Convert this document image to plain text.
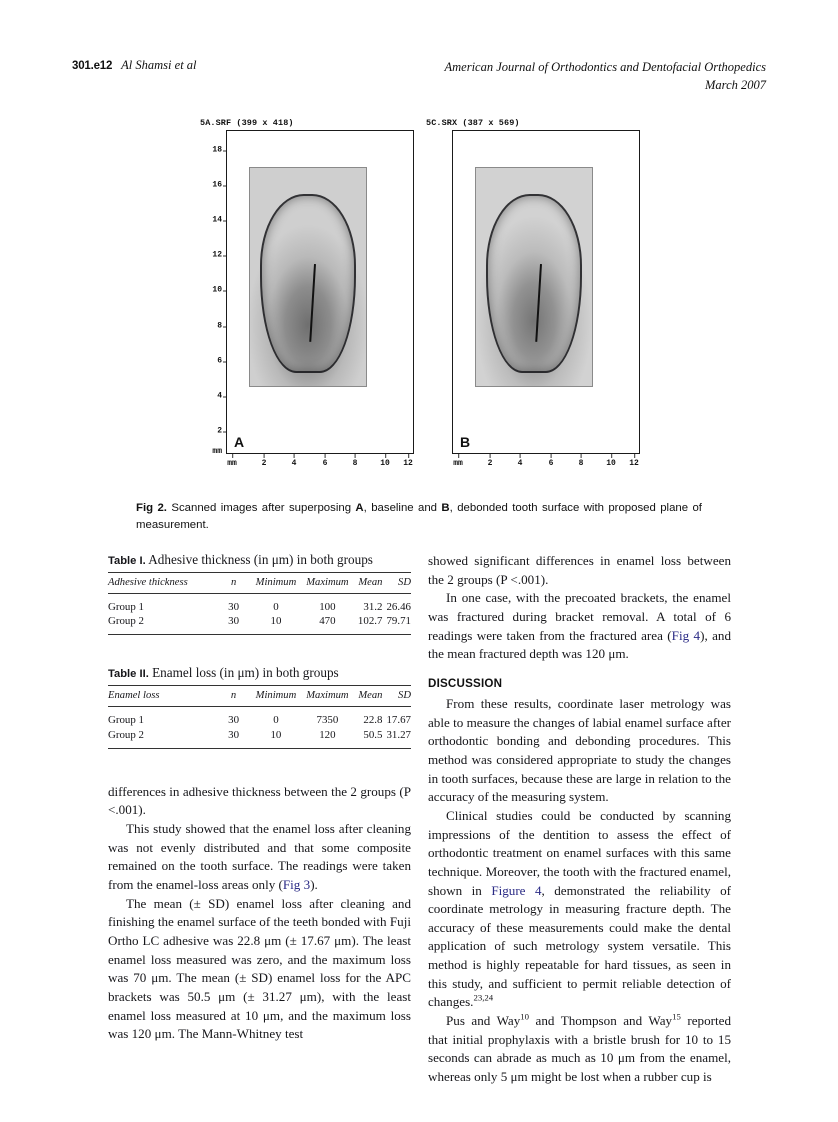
301.e12 Al Shamsi et al	American Journal of Orthodontics and Dentofacial Orthopedics
March 2007
5A.SRF (399 x 418)
18
16
14
12
10
8
6
4
2
mm
A
mm	2	4	6	8	10 12
5C.SRX (387 x 569)
B
mm	2	4	6	8	10 12
Fig 2. Scanned images after superposing A, baseline and B, debonded tooth surface with proposed plane of measurement.
Table I. Adhesive thickness (in μm) in both groups
Adhesive thickness	n	Minimum	Maximum	Mean	SD
Group 1	30	0	100	31.2	26.46
Group 2	30	10	470	102.7	79.71
Table II. Enamel loss (in μm) in both groups
Enamel loss	n	Minimum	Maximum	Mean	SD
Group 1	30	0	7350	22.8	17.67
Group 2	30	10	120	50.5	31.27

differences in adhesive thickness between the 2 groups (P <.001).

This study showed that the enamel loss after cleaning was not evenly distributed and that some composite remained on the tooth surface. The readings were taken from the enamel-loss areas only (Fig 3).

The mean (± SD) enamel loss after cleaning and finishing the enamel surface of the teeth bonded with Fuji Ortho LC adhesive was 22.8 μm (± 17.67 μm). The least enamel loss measured was zero, and the maximum loss was 70 μm. The mean (± SD) enamel loss for the APC brackets was 50.5 μm (± 31.27 μm), with the least enamel loss measured at 10 μm, and the maximum loss was 120 μm. The Mann-Whitney test

showed significant differences in enamel loss between the 2 groups (P <.001).

In one case, with the precoated brackets, the enamel was fractured during bracket removal. A total of 6 readings were taken from the fractured area (Fig 4), and the mean fractured depth was 120 μm.

DISCUSSION

From these results, coordinate laser metrology was able to measure the changes of labial enamel surface after orthodontic bonding and debonding procedures. This method was considered appropriate to study the changes in tooth surfaces, because these are large in relation to the accuracy of the measuring system.

Clinical studies could be conducted by scanning impressions of the dentition to assess the effect of orthodontic treatment on enamel surfaces with this same technique. Moreover, the tooth with the fractured enamel, shown in Figure 4, demonstrated the reliability of coordinate metrology in measuring fracture depth. The accuracy of these measurements could make the dental application of such metrology system versatile. This method is highly repeatable for hard tissues, as seen in this study, and sufficient to permit reliable detection of changes.$^{23,24}$

Pus and Way$^{10}$ and Thompson and Way$^{15}$ reported that initial prophylaxis with a bristle brush for 10 to 15 seconds can abrade as much as 10 μm from the enamel, whereas only 5 μm might be lost when a rubber cup is
